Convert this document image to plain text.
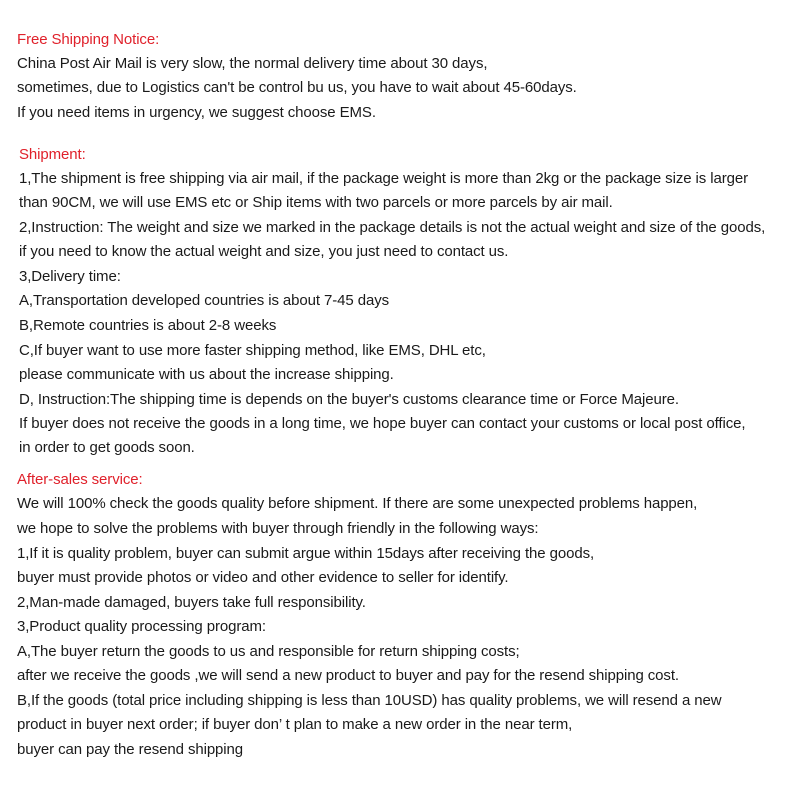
Free Shipping Notice:
China Post Air Mail is very slow, the normal delivery time about 30 days,
sometimes, due to Logistics can't be control bu us, you have to wait about 45-60days.
If you need items in urgency, we suggest choose EMS.
Shipment:
1,The shipment is free shipping via air mail, if the package weight is more than 2kg or the package size is larger
than 90CM, we will use EMS etc or Ship items with two parcels or more parcels by air mail.
2,Instruction: The weight and size we marked in the package details is not the actual weight and size of the goods,
if you need to know the actual weight and size, you just need to contact us.
3,Delivery time:
A,Transportation developed countries is about 7-45 days
B,Remote countries is about 2-8 weeks
C,If buyer want to use more faster shipping method, like EMS, DHL etc,
please communicate with us about the increase shipping.
D, Instruction:The shipping time is depends on the buyer's customs clearance time or Force Majeure.
If buyer does not receive the goods in a long time, we hope buyer can contact your customs or local post office,
in order to get goods soon.
After-sales service:
We will 100% check the goods quality before shipment. If there are some unexpected problems happen,
we hope to solve the problems with buyer through friendly in the following ways:
1,If it is quality problem, buyer can submit argue within 15days after receiving the goods,
buyer must provide photos or video and other evidence to seller for identify.
2,Man-made damaged, buyers take full responsibility.
3,Product quality processing program:
A,The buyer return the goods to us and responsible for return shipping costs;
after we receive the goods ,we will send a new product to buyer and pay for the resend shipping cost.
B,If the goods (total price including shipping is less than 10USD) has quality problems, we will resend a new
product in buyer next order; if buyer don’ t plan to make a new order in the near term,
buyer can pay the resend shipping
